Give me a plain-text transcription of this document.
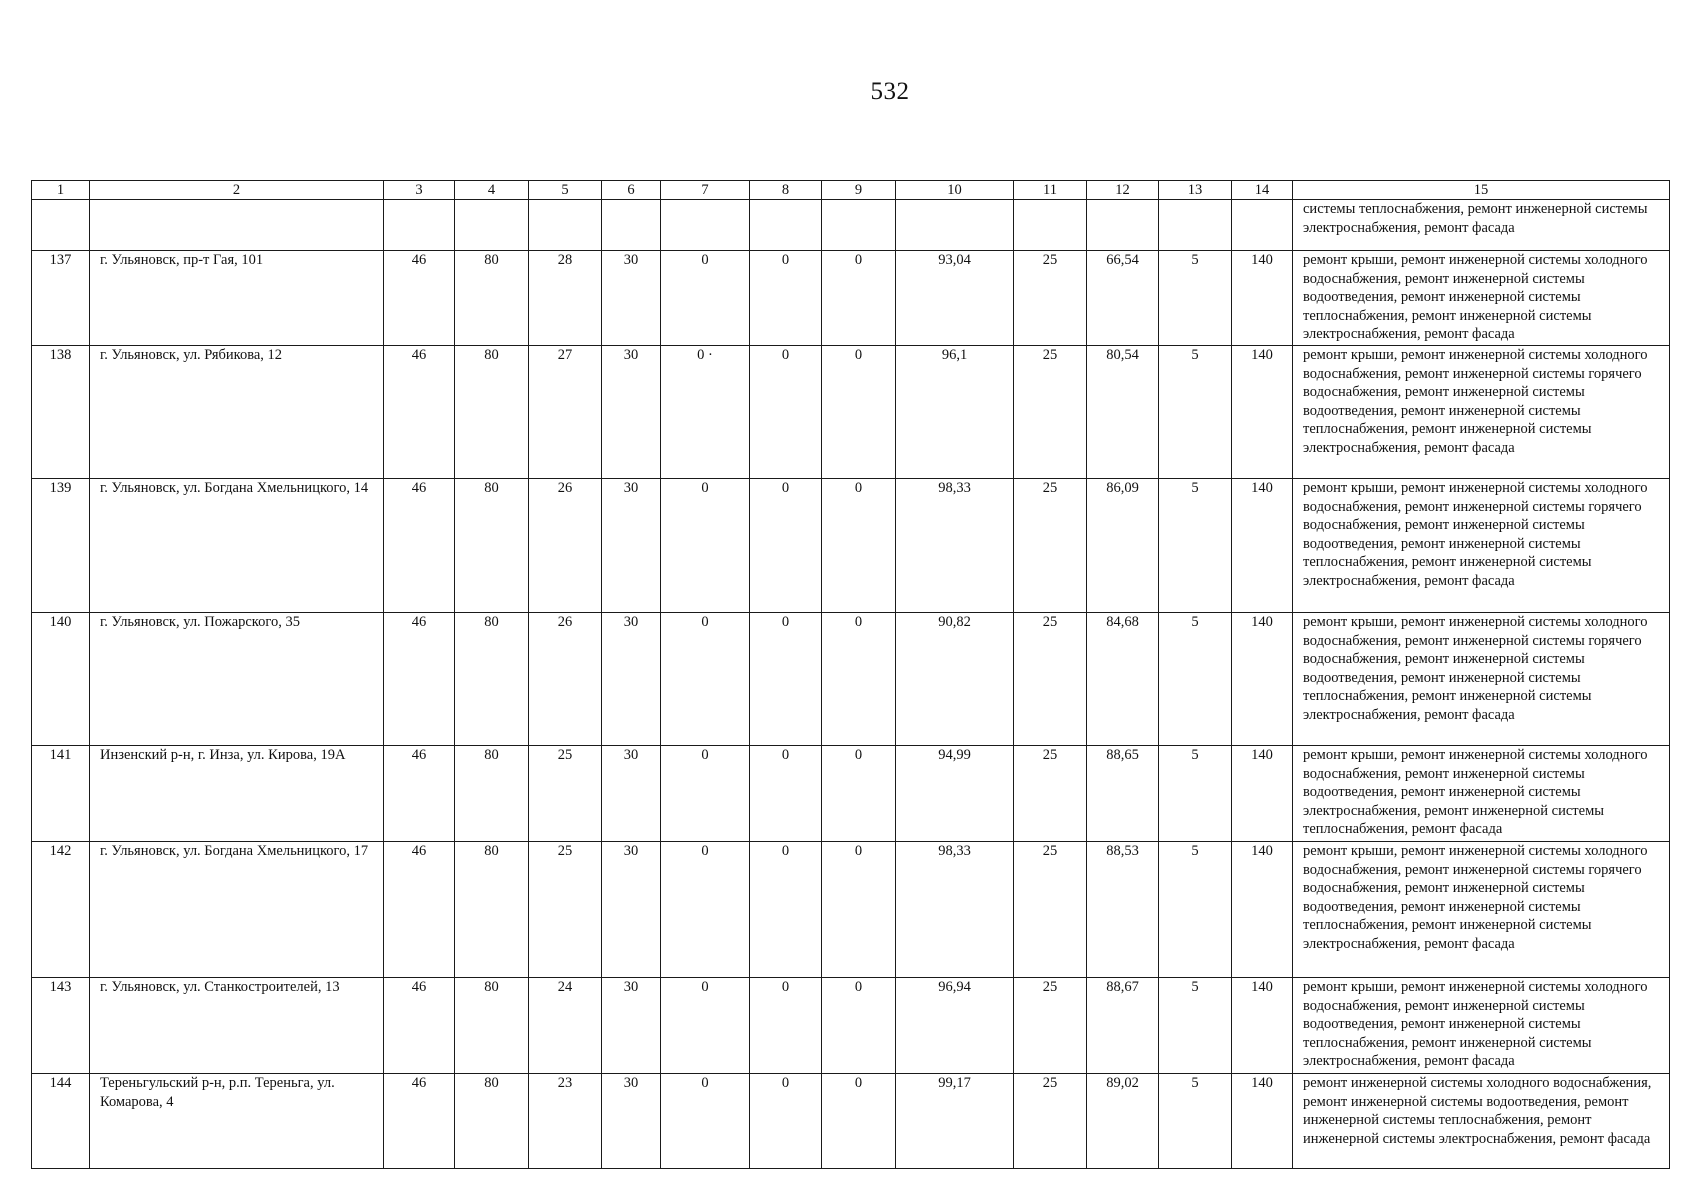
532
1	2	3	4	5	6	7	8	9	10	11	12	13	14	15
														системы теплоснабжения, ремонт инженерной системы электроснабжения, ремонт фасада
137	г. Ульяновск, пр-т Гая, 101	46	80	28	30	0	0	0	93,04	25	66,54	5	140	ремонт крыши, ремонт инженерной системы холодного водоснабжения, ремонт инженерной системы водоотведения, ремонт инженерной системы теплоснабжения, ремонт инженерной системы электроснабжения, ремонт фасада
138	г. Ульяновск, ул. Рябикова, 12	46	80	27	30	0 ·	0	0	96,1	25	80,54	5	140	ремонт крыши, ремонт инженерной системы холодного водоснабжения, ремонт инженерной системы горячего водоснабжения, ремонт инженерной системы водоотведения, ремонт инженерной системы теплоснабжения, ремонт инженерной системы электроснабжения, ремонт фасада
139	г. Ульяновск, ул. Богдана Хмельницкого, 14	46	80	26	30	0	0	0	98,33	25	86,09	5	140	ремонт крыши, ремонт инженерной системы холодного водоснабжения, ремонт инженерной системы горячего водоснабжения, ремонт инженерной системы водоотведения, ремонт инженерной системы теплоснабжения, ремонт инженерной системы электроснабжения, ремонт фасада
140	г. Ульяновск, ул. Пожарского, 35	46	80	26	30	0	0	0	90,82	25	84,68	5	140	ремонт крыши, ремонт инженерной системы холодного водоснабжения, ремонт инженерной системы горячего водоснабжения, ремонт инженерной системы водоотведения, ремонт инженерной системы теплоснабжения, ремонт инженерной системы электроснабжения, ремонт фасада
141	Инзенский р-н, г. Инза, ул. Кирова, 19А	46	80	25	30	0	0	0	94,99	25	88,65	5	140	ремонт крыши, ремонт инженерной системы холодного водоснабжения, ремонт инженерной системы водоотведения, ремонт инженерной системы электроснабжения, ремонт инженерной системы теплоснабжения, ремонт фасада
142	г. Ульяновск, ул. Богдана Хмельницкого, 17	46	80	25	30	0	0	0	98,33	25	88,53	5	140	ремонт крыши, ремонт инженерной системы холодного водоснабжения, ремонт инженерной системы горячего водоснабжения, ремонт инженерной системы водоотведения, ремонт инженерной системы теплоснабжения, ремонт инженерной системы электроснабжения, ремонт фасада
143	г. Ульяновск, ул. Станкостроителей, 13	46	80	24	30	0	0	0	96,94	25	88,67	5	140	ремонт крыши, ремонт инженерной системы холодного водоснабжения, ремонт инженерной системы водоотведения, ремонт инженерной системы теплоснабжения, ремонт инженерной системы электроснабжения, ремонт фасада
144	Тереньгульский р-н, р.п. Тереньга, ул. Комарова, 4	46	80	23	30	0	0	0	99,17	25	89,02	5	140	ремонт инженерной системы холодного водоснабжения, ремонт инженерной системы водоотведения, ремонт инженерной системы теплоснабжения, ремонт инженерной системы электроснабжения, ремонт фасада
